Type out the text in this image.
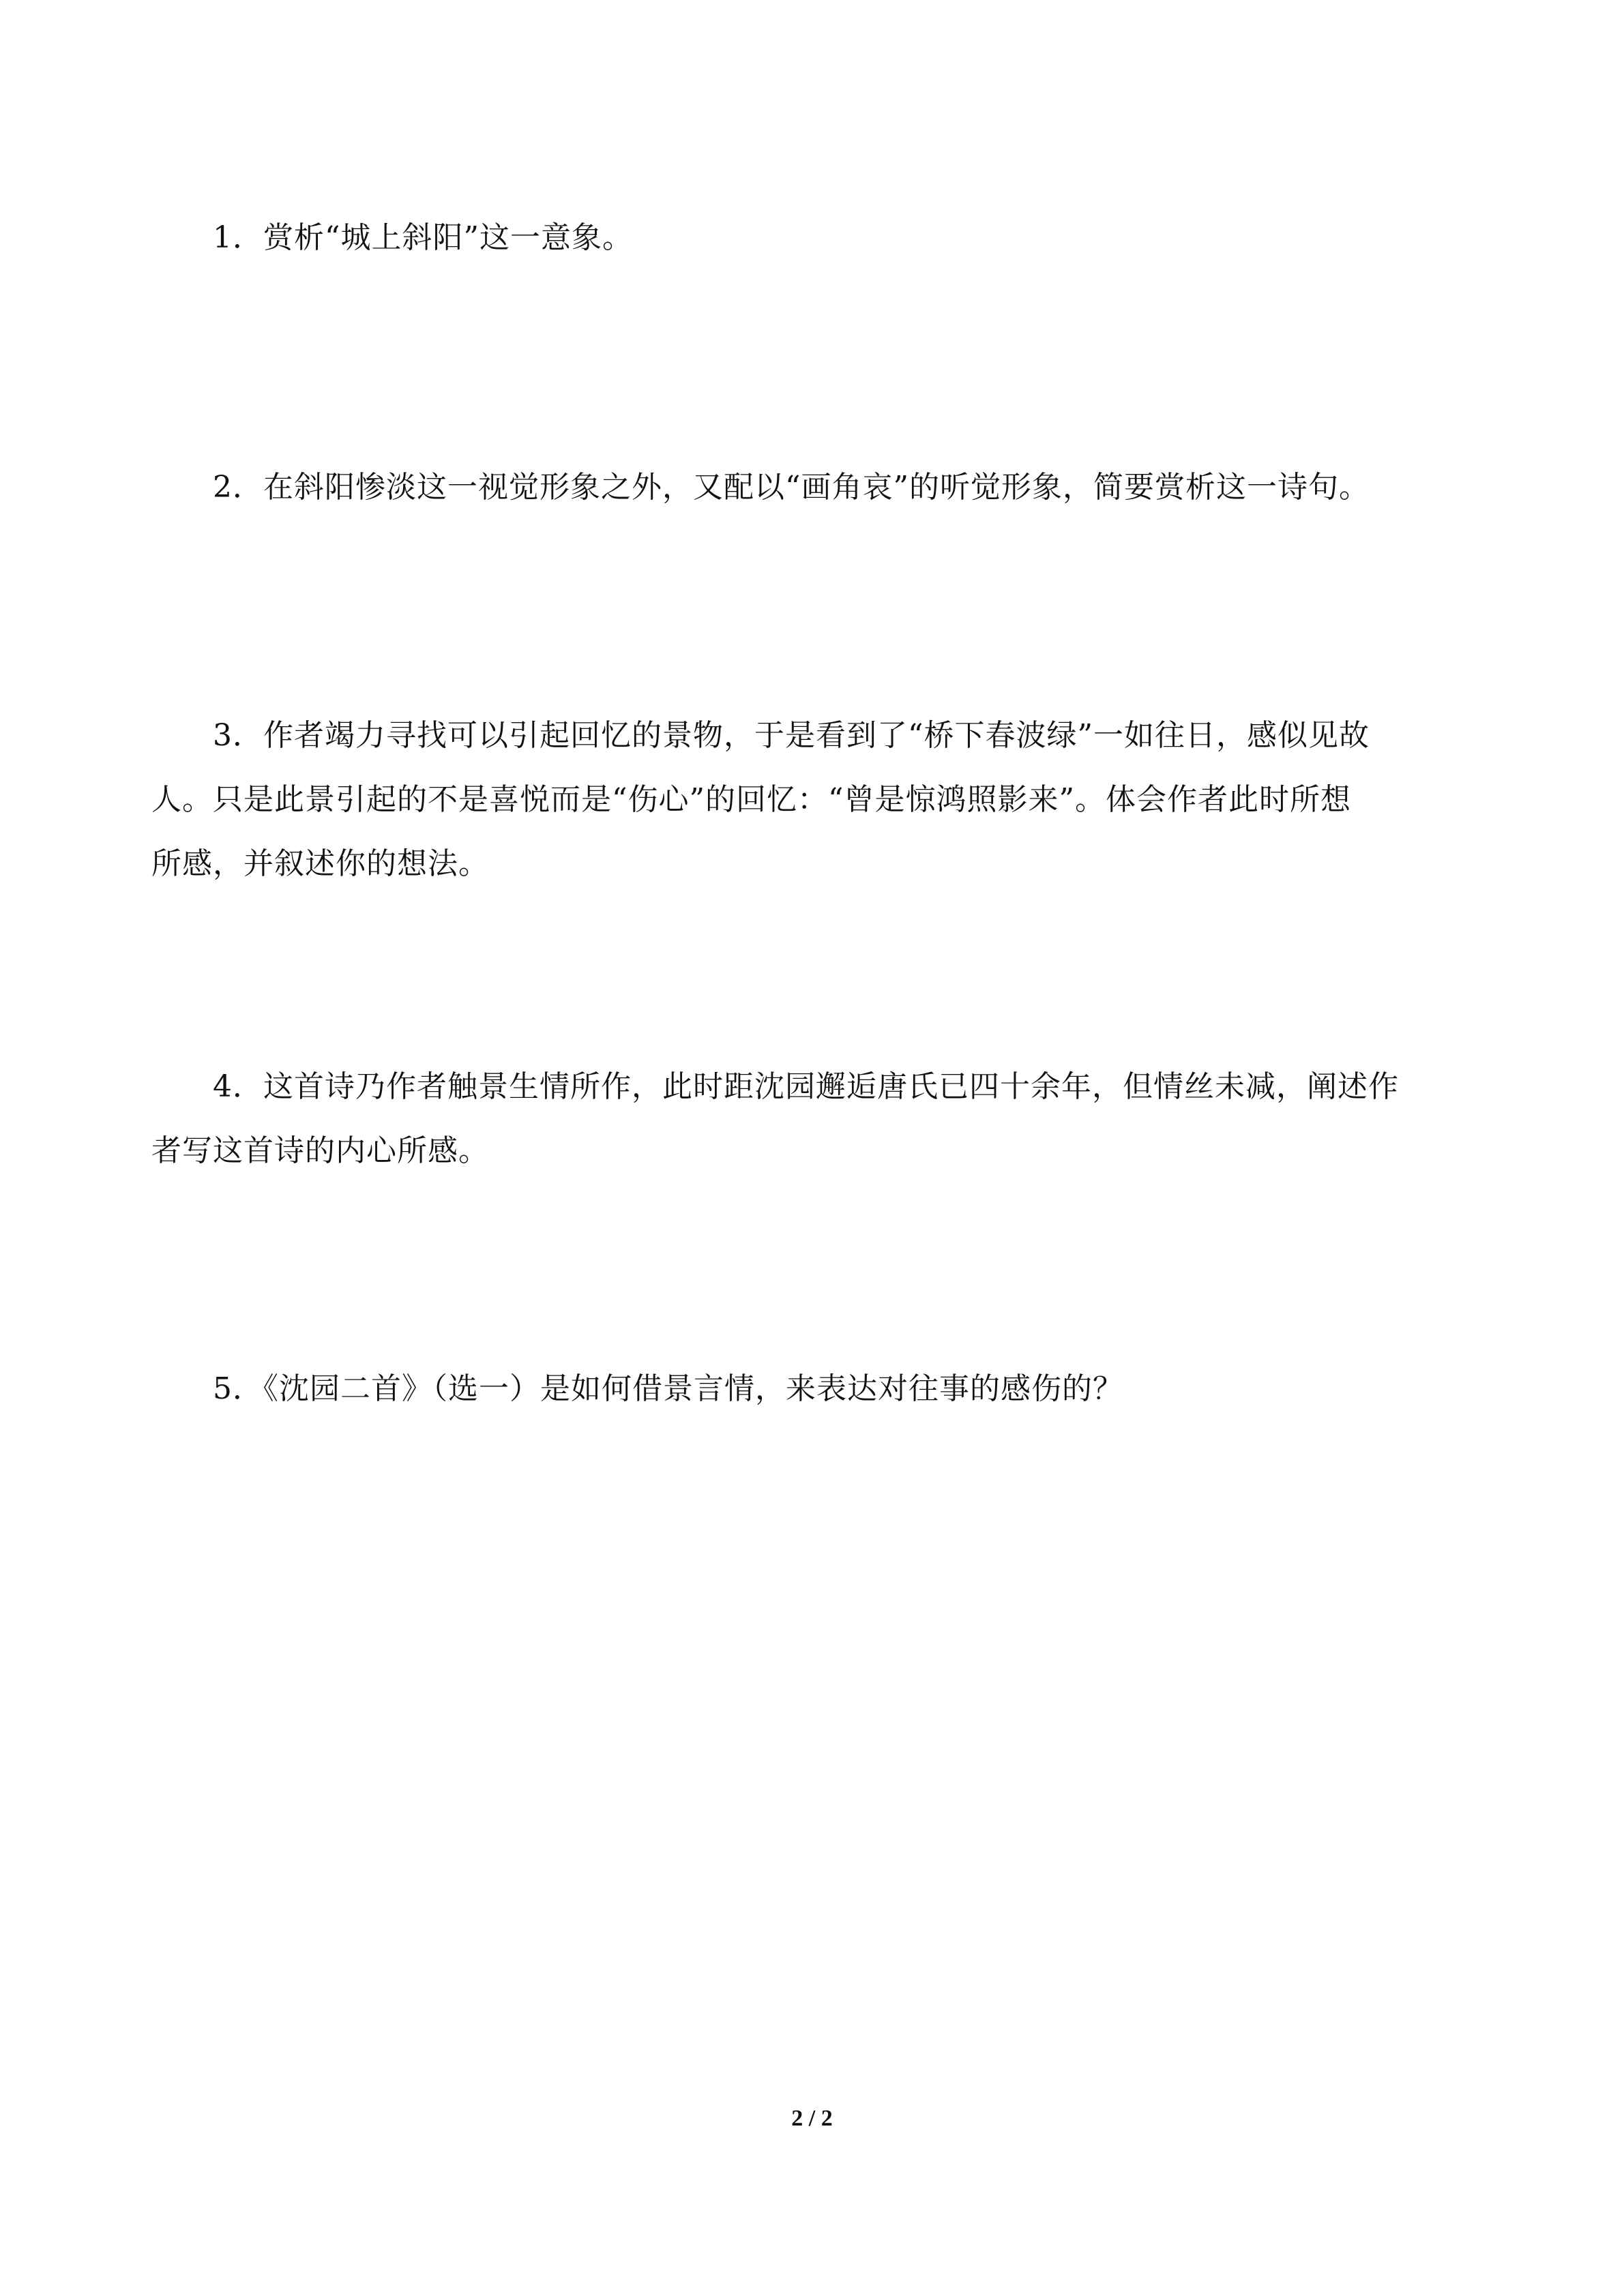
1．赏析“城上斜阳”这一意象。
2．在斜阳惨淡这一视觉形象之外，又配以“画角哀”的听觉形象，简要赏析这一诗句。
3．作者竭力寻找可以引起回忆的景物，于是看到了“桥下春波绿”一如往日，感似见故
人。只是此景引起的不是喜悦而是“伤心”的回忆：“曾是惊鸿照影来”。体会作者此时所想
所感，并叙述你的想法。
4．这首诗乃作者触景生情所作，此时距沈园邂逅唐氏已四十余年，但情丝未减，阐述作
者写这首诗的内心所感。
5．《沈园二首》（选一）是如何借景言情，来表达对往事的感伤的？

2 / 2
